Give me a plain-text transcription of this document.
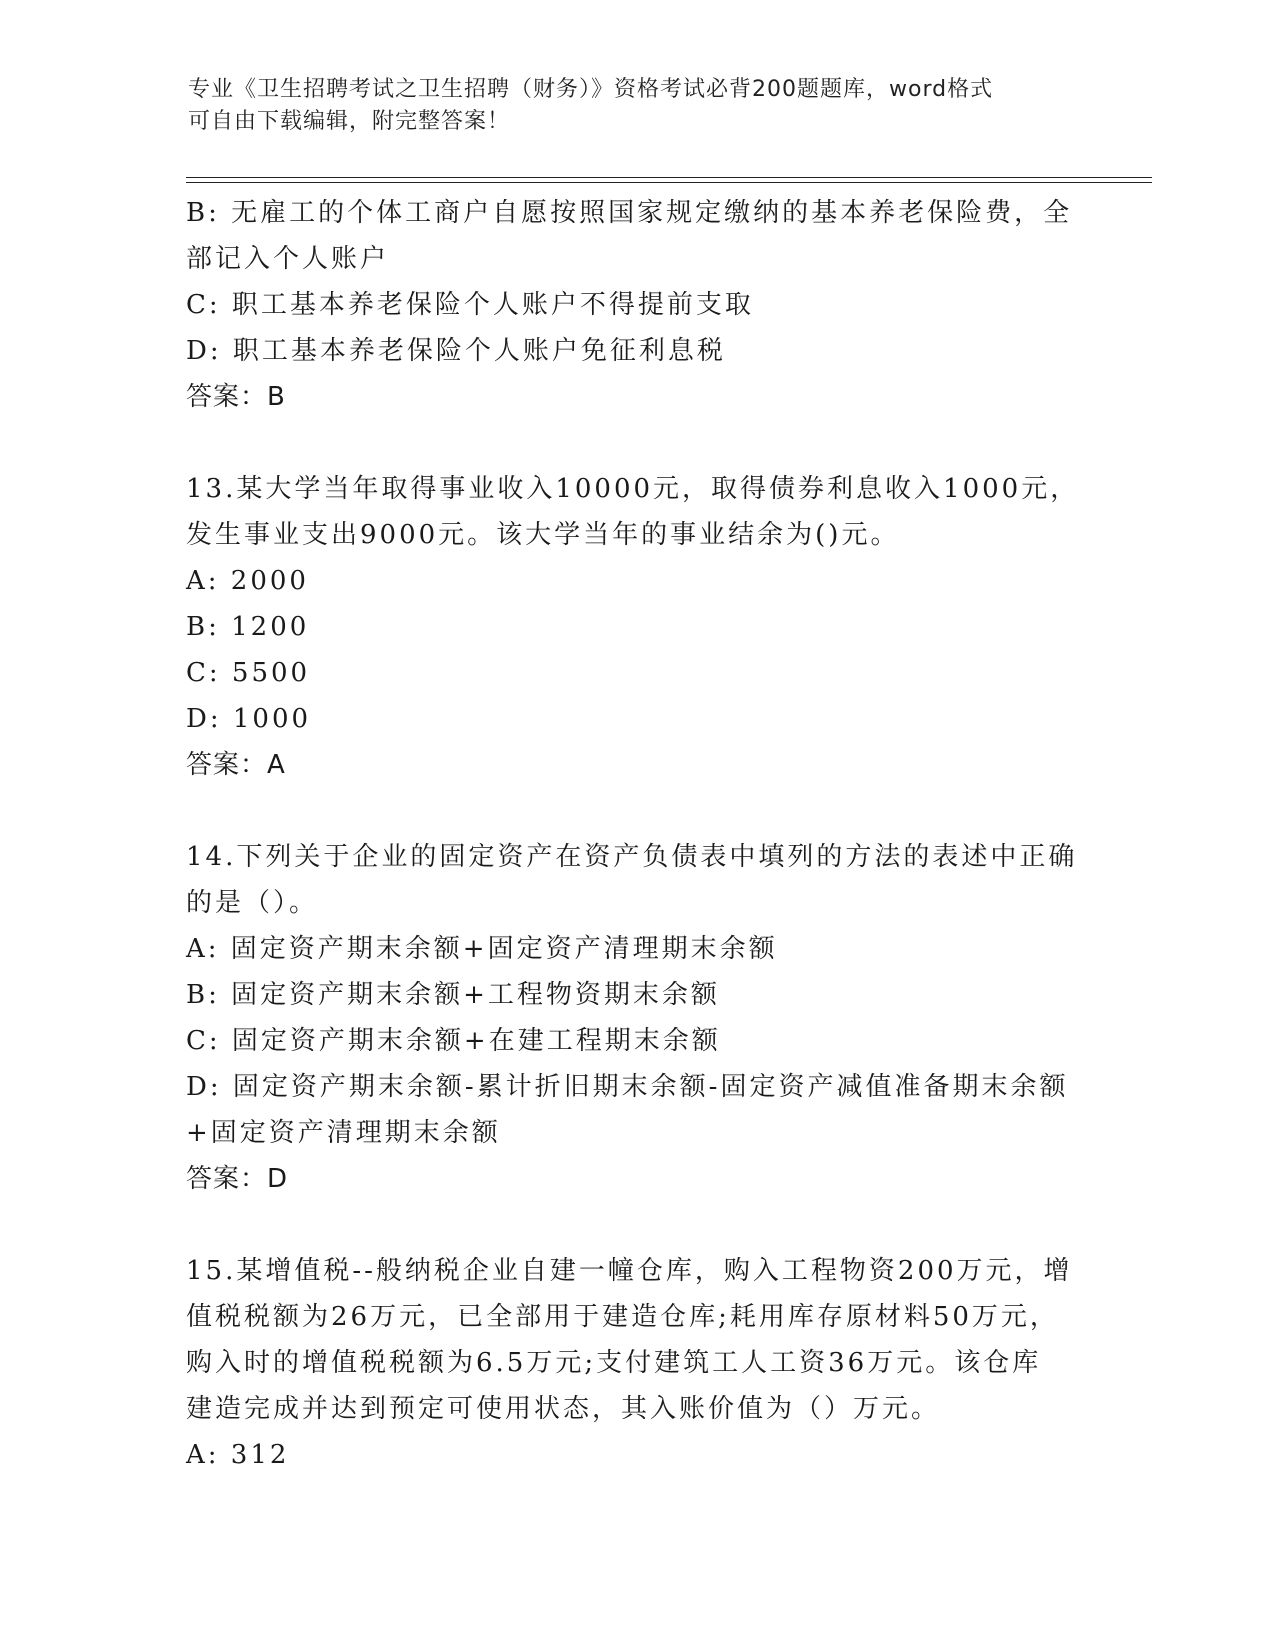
专业《卫生招聘考试之卫生招聘（财务）》资格考试必背200题题库，word格式
可自由下载编辑，附完整答案！
B: 无雇工的个体工商户自愿按照国家规定缴纳的基本养老保险费，全
部记入个人账户
C: 职工基本养老保险个人账户不得提前支取
D: 职工基本养老保险个人账户免征利息税
答案：B
13.某大学当年取得事业收入10000元，取得债券利息收入1000元，
发生事业支出9000元。该大学当年的事业结余为()元。
A: 2000
B: 1200
C: 5500
D: 1000
答案：A
14.下列关于企业的固定资产在资产负债表中填列的方法的表述中正确
的是（）。
A: 固定资产期末余额+固定资产清理期末余额
B: 固定资产期末余额+工程物资期末余额
C: 固定资产期末余额+在建工程期末余额
D: 固定资产期末余额-累计折旧期末余额-固定资产减值准备期末余额
+固定资产清理期末余额
答案：D
15.某增值税--般纳税企业自建一幢仓库，购入工程物资200万元，增
值税税额为26万元，已全部用于建造仓库;耗用库存原材料50万元，
购入时的增值税税额为6.5万元;支付建筑工人工资36万元。该仓库
建造完成并达到预定可使用状态，其入账价值为（）万元。
A: 312
